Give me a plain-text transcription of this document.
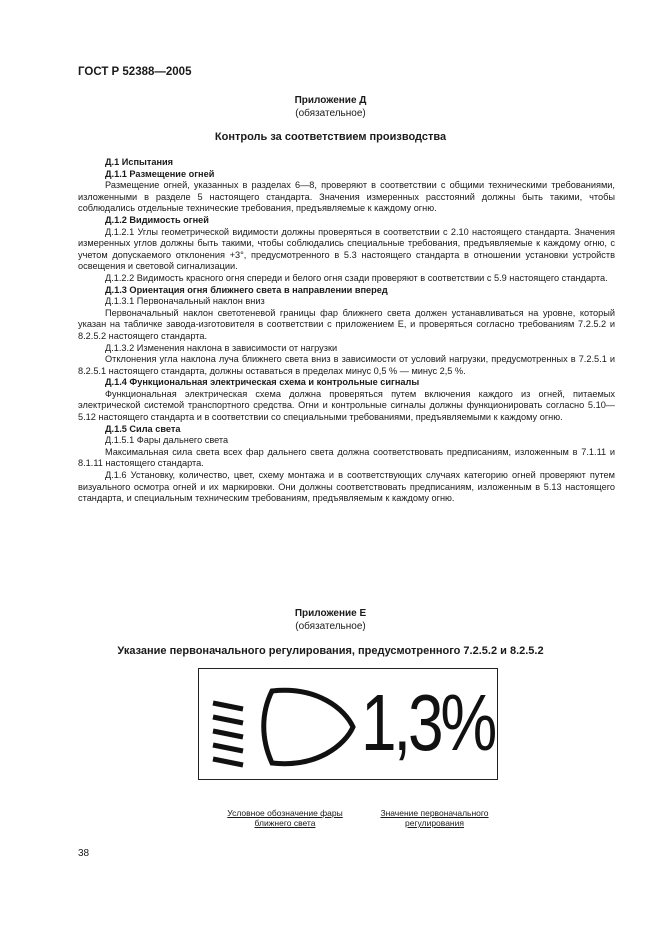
ГОСТ Р 52388—2005
Приложение Д
(обязательное)
Контроль за соответствием производства

Д.1 Испытания

Д.1.1 Размещение огней

Размещение огней, указанных в разделах 6—8, проверяют в соответствии с общими техническими требованиями, изложенными в разделе 5 настоящего стандарта. Значения измеренных расстояний должны быть такими, чтобы соблюдались отдельные технические требования, предъявляемые к каждому огню.

Д.1.2 Видимость огней

Д.1.2.1 Углы геометрической видимости должны проверяться в соответствии с 2.10 настоящего стандарта. Значения измеренных углов должны быть такими, чтобы соблюдались специальные требования, предъявляемые к каждому огню, с учетом допускаемого отклонения +3°, предусмотренного в 5.3 настоящего стандарта в отношении установки устройств освещения и световой сигнализации.

Д.1.2.2 Видимость красного огня спереди и белого огня сзади проверяют в соответствии с 5.9 настоящего стандарта.

Д.1.3 Ориентация огня ближнего света в направлении вперед

Д.1.3.1 Первоначальный наклон вниз

Первоначальный наклон светотеневой границы фар ближнего света должен устанавливаться на уровне, который указан на табличке завода-изготовителя в соответствии с приложением Е, и проверяться согласно требованиям 7.2.5.2 и 8.2.5.2 настоящего стандарта.

Д.1.3.2 Изменения наклона в зависимости от нагрузки

Отклонения угла наклона луча ближнего света вниз в зависимости от условий нагрузки, предусмотренных в 7.2.5.1 и 8.2.5.1 настоящего стандарта, должны оставаться в пределах минус 0,5 % — минус 2,5 %.

Д.1.4 Функциональная электрическая схема и контрольные сигналы

Функциональная электрическая схема должна проверяться путем включения каждого из огней, питаемых электрической системой транспортного средства. Огни и контрольные сигналы должны функционировать согласно 5.10—5.12 настоящего стандарта и в соответствии со специальными требованиями, предъявляемыми к каждому огню.

Д.1.5 Сила света

Д.1.5.1 Фары дальнего света

Максимальная сила света всех фар дальнего света должна соответствовать предписаниям, изложенным в 7.1.11 и 8.1.11 настоящего стандарта.

Д.1.6 Установку, количество, цвет, схему монтажа и в соответствующих случаях категорию огней проверяют путем визуального осмотра огней и их маркировки. Они должны соответствовать предписаниям, изложенным в 5.13 настоящего стандарта, и специальным техническим требованиям, предъявляемым к каждому огню.

Приложение Е
(обязательное)
Указание первоначального регулирования, предусмотренного 7.2.5.2 и 8.2.5.2
1,3%
Условное обозначение фары
ближнего света
Значение первоначального
регулирования
38
